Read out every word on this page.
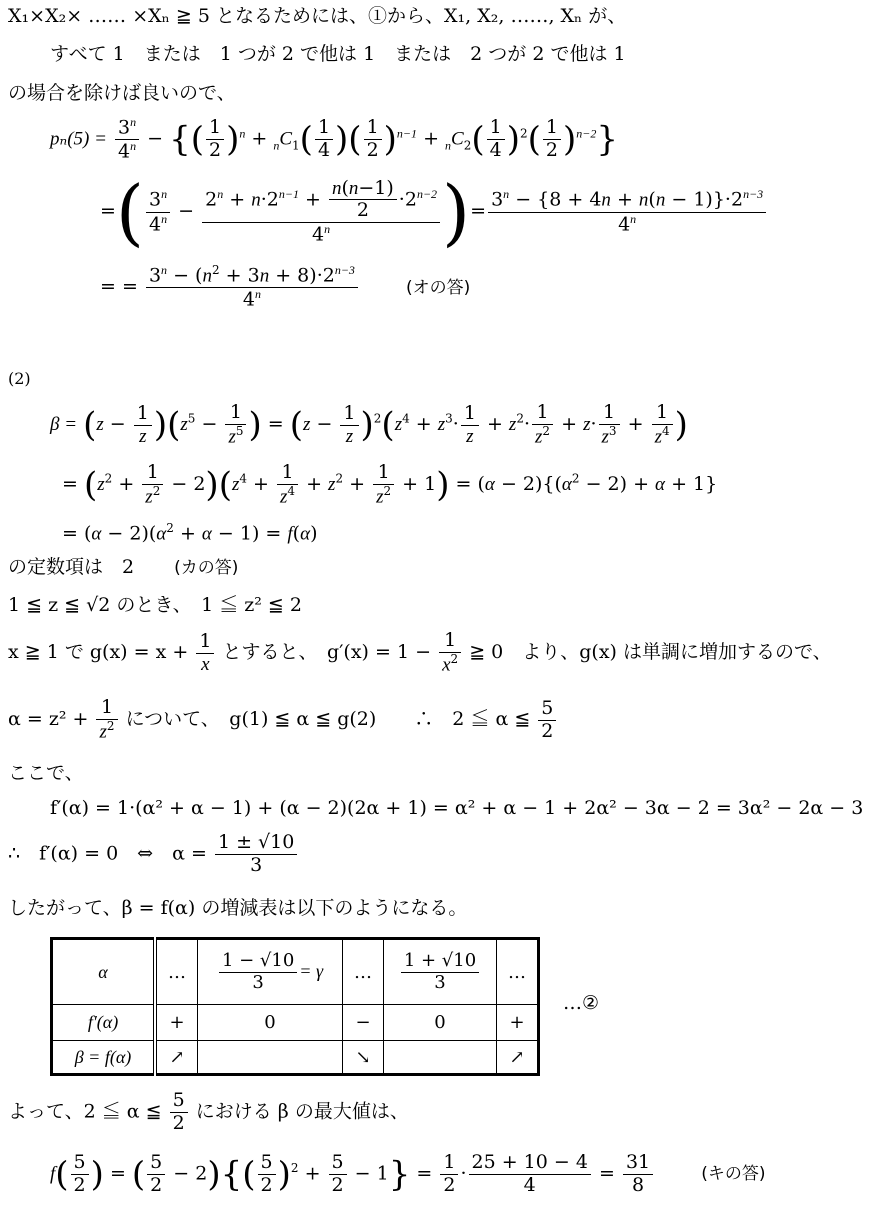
X₁×X₂× …… ×Xₙ ≧ 5 となるためには、①から、X₁, X₂, ……, Xₙ が、
すべて 1　または　1 つが 2 で他は 1　または　2 つが 2 で他は 1
の場合を除けば良いので、
$p_n(5) = \frac{3^n}{4^n}$ − {( $\frac{1}{2} )^n + _nC_1( \frac{1}{4}$ )( $\frac{1}{2} )^{n-1} + _nC_2( \frac{1}{4} )^2( \frac{1}{2} )^{n-2}$}
=( $\frac{3^n}{4^n} - \frac{2^n + n\cdot 2^{n-1} + \frac{n(n-1)}{2} \cdot 2^{n-2}}{4^n}$ )= $\frac{3^n - \{8 + 4n + n(n - 1)\}\cdot 2^{n-3}}{4^n}$
= = $\frac{3^n - (n^2 + 3n + 8)\cdot 2^{n-3}}{4^n}$	(オの答)
(2)
$\beta = (z - \frac{1}{z} )(z^5 - \frac{1}{z^5}$ ) = $(z - \frac{1}{z} )^2(z^4 + z^3\cdot \frac{1}{z} + z^2\cdot \frac{1}{z^2} + z\cdot \frac{1}{z^3} + \frac{1}{z^4}$ )
= $(z^2 + \frac{1}{z^2} - 2)(z^4 + \frac{1}{z^4} + z^2 + \frac{1}{z^2} + 1) = (\alpha - 2)\{(\alpha^2 - 2) + \alpha + 1\}$
= $(\alpha - 2)(\alpha^2 + \alpha - 1) = f(\alpha)$
の定数項は　2 (カの答)
1 ≦ z ≦ √2 のとき、　1 ≦ z² ≦ 2
x ≧ 1 で $g(x) = x + \frac{1}{x}$ とすると、　$g'(x) = 1 - \frac{1}{x^2}$ ≧ 0　より、g(x) は単調に増加するので、
$\alpha = z^2 + \frac{1}{z^2}$ について、　g(1) ≦ α ≦ g(2)　　∴　2 ≦ α ≦ $\frac{5}{2}$
ここで、
f′(α) = 1·(α² + α − 1) + (α − 2)(2α + 1) = α² + α − 1 + 2α² − 3α − 2 = 3α² − 2α − 3
∴　f′(α) = 0　⇔　$\alpha = \frac{1 \pm √10}{3}$
したがって、β = f(α) の増減表は以下のようになる。
α	…	$\frac{1 - √10}{3} = \gamma$	…	$\frac{1 + √10}{3}$	…
f′(α)	+	0	−	0	+
β = f(α)	↗		↘		↗
…②
よって、2 ≦ α ≦ $\frac{5}{2}$ における β の最大値は、
$f( \frac{5}{2}$ ) = ( $\frac{5}{2} - 2)\{( \frac{5}{2} )^2 + \frac{5}{2} - 1\} = \frac{1}{2} \cdot \frac{25 + 10 - 4}{4} = \frac{31}{8}$	(キの答)
